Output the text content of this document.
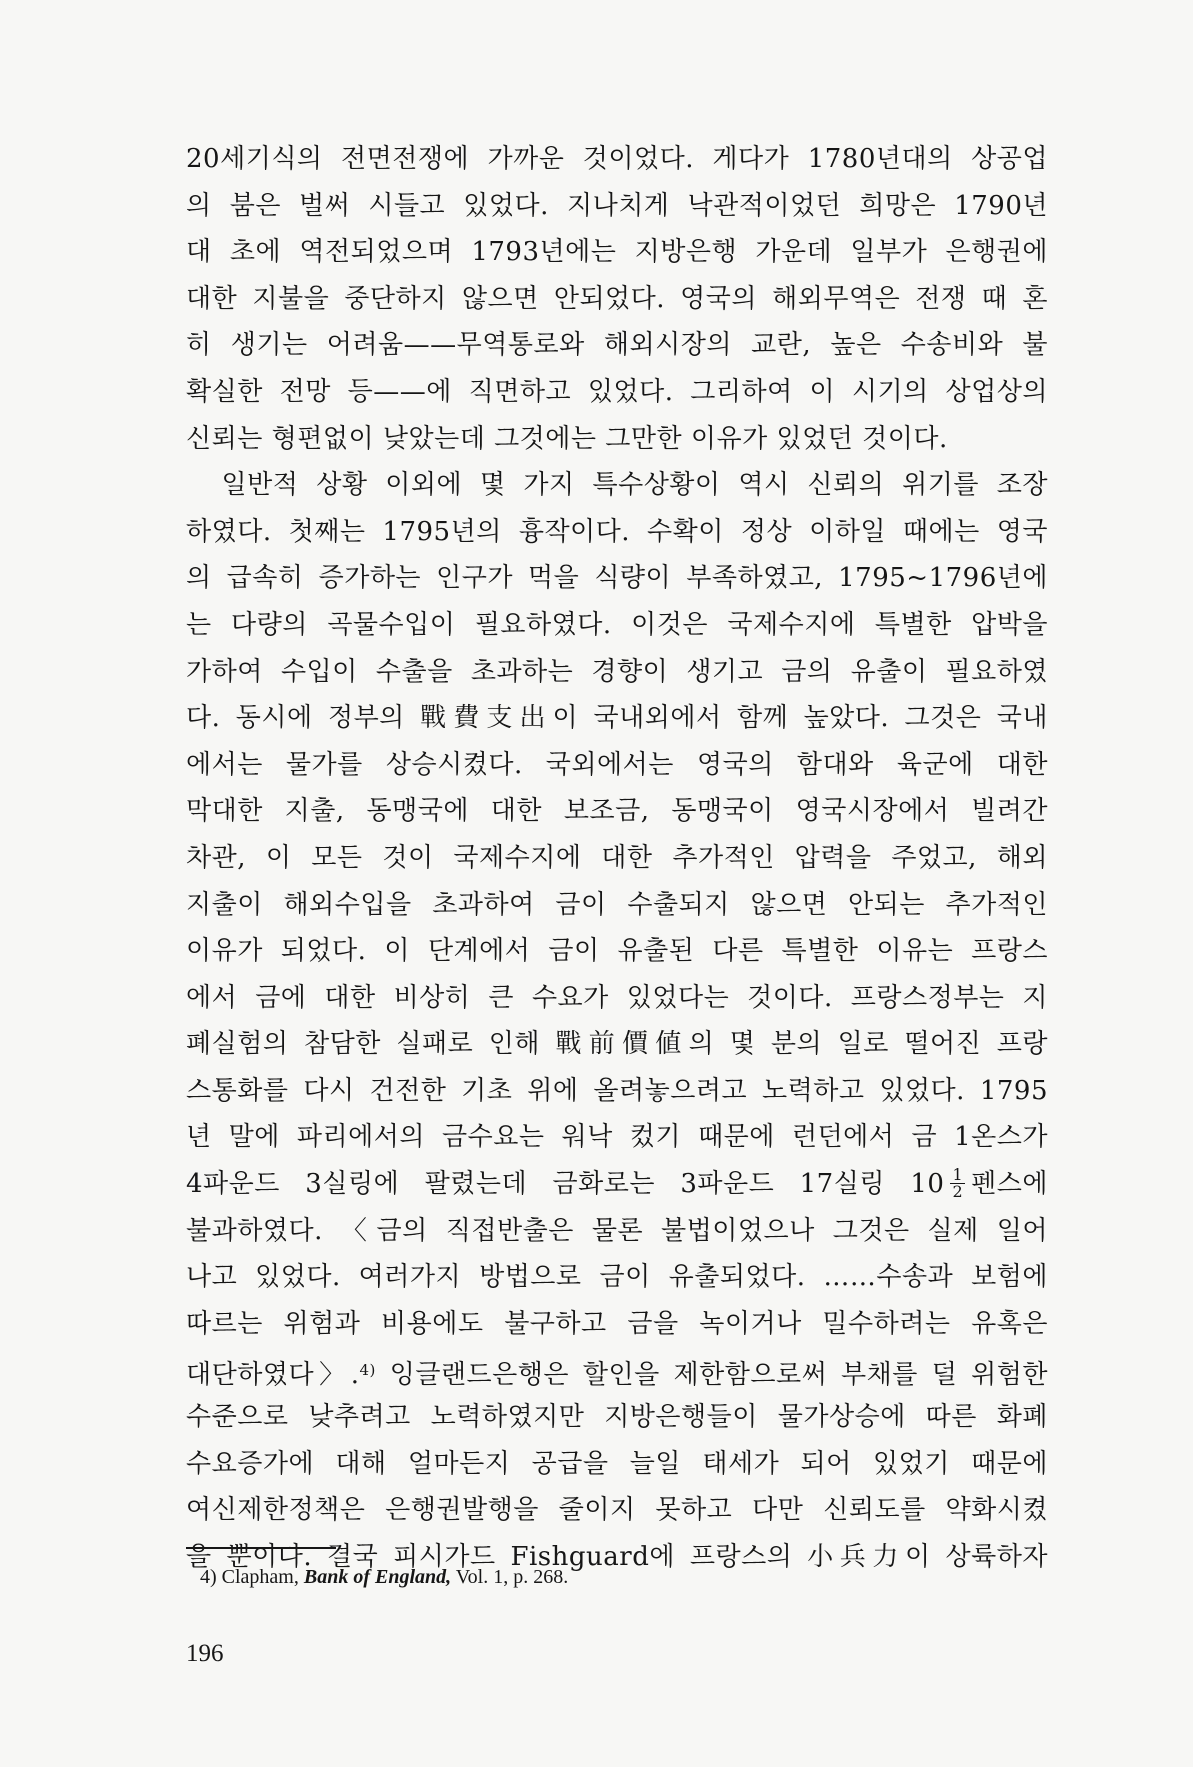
20세기식의 전면전쟁에 가까운 것이었다. 게다가 1780년대의 상공업
의 붐은 벌써 시들고 있었다. 지나치게 낙관적이었던 희망은 1790년
대 초에 역전되었으며 1793년에는 지방은행 가운데 일부가 은행권에
대한 지불을 중단하지 않으면 안되었다. 영국의 해외무역은 전쟁 때 혼
히 생기는 어려움——무역통로와 해외시장의 교란, 높은 수송비와 불
확실한 전망 등——에 직면하고 있었다. 그리하여 이 시기의 상업상의
신뢰는 형편없이 낮았는데 그것에는 그만한 이유가 있었던 것이다.
　일반적 상황 이외에 몇 가지 특수상황이 역시 신뢰의 위기를 조장
하였다. 첫째는 1795년의 흉작이다. 수확이 정상 이하일 때에는 영국
의 급속히 증가하는 인구가 먹을 식량이 부족하였고, 1795~1796년에
는 다량의 곡물수입이 필요하였다. 이것은 국제수지에 특별한 압박을
가하여 수입이 수출을 초과하는 경향이 생기고 금의 유출이 필요하였
다. 동시에 정부의 戰費支出이 국내외에서 함께 높았다. 그것은 국내
에서는 물가를 상승시켰다. 국외에서는 영국의 함대와 육군에 대한
막대한 지출, 동맹국에 대한 보조금, 동맹국이 영국시장에서 빌려간
차관, 이 모든 것이 국제수지에 대한 추가적인 압력을 주었고, 해외
지출이 해외수입을 초과하여 금이 수출되지 않으면 안되는 추가적인
이유가 되었다. 이 단계에서 금이 유출된 다른 특별한 이유는 프랑스
에서 금에 대한 비상히 큰 수요가 있었다는 것이다. 프랑스정부는 지
폐실험의 참담한 실패로 인해 戰前價値의 몇 분의 일로 떨어진 프랑
스통화를 다시 건전한 기초 위에 올려놓으려고 노력하고 있었다. 1795
년 말에 파리에서의 금수요는 워낙 컸기 때문에 런던에서 금 1온스가
4파운드 3실링에 팔렸는데 금화로는 3파운드 17실링 $10 \frac{1}{2}$ 펜스에
불과하였다. 〈금의 직접반출은 물론 불법이었으나 그것은 실제 일어
나고 있었다. 여러가지 방법으로 금이 유출되었다. ……수송과 보험에
따르는 위험과 비용에도 불구하고 금을 녹이거나 밀수하려는 유혹은
대단하였다〉.$^{4)}$ 잉글랜드은행은 할인을 제한함으로써 부채를 덜 위험한
수준으로 낮추려고 노력하였지만 지방은행들이 물가상승에 따른 화폐
수요증가에 대해 얼마든지 공급을 늘일 태세가 되어 있었기 때문에
여신제한정책은 은행권발행을 줄이지 못하고 다만 신뢰도를 약화시켰
을 뿐이다. 결국 피시가드 Fishguard에 프랑스의 小兵力이 상륙하자
4) Clapham, Bank of England, Vol. 1, p. 268.
196
